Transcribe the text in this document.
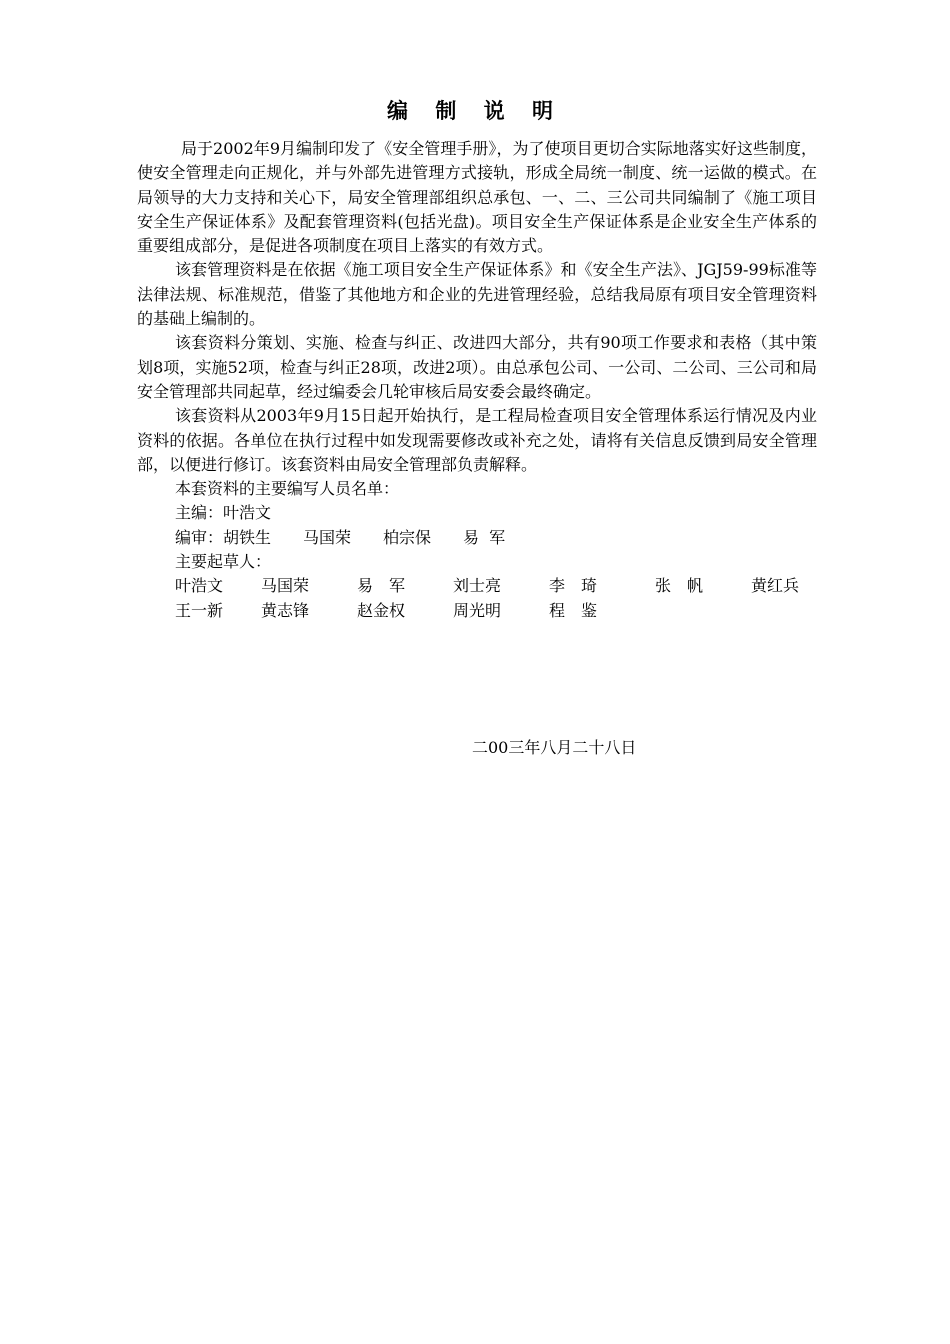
编 制 说 明

局于2002年9月编制印发了《安全管理手册》，为了使项目更切合实际地落实好这些制度，使安全管理走向正规化，并与外部先进管理方式接轨，形成全局统一制度、统一运做的模式。在局领导的大力支持和关心下，局安全管理部组织总承包、一、二、三公司共同编制了《施工项目安全生产保证体系》及配套管理资料(包括光盘)。项目安全生产保证体系是企业安全生产体系的重要组成部分，是促进各项制度在项目上落实的有效方式。

该套管理资料是在依据《施工项目安全生产保证体系》和《安全生产法》、JGJ59-99标准等法律法规、标准规范，借鉴了其他地方和企业的先进管理经验，总结我局原有项目安全管理资料的基础上编制的。

该套资料分策划、实施、检查与纠正、改进四大部分，共有90项工作要求和表格（其中策划8项，实施52项，检查与纠正28项，改进2项）。由总承包公司、一公司、二公司、三公司和局安全管理部共同起草，经过编委会几轮审核后局安委会最终确定。

该套资料从2003年9月15日起开始执行，是工程局检查项目安全管理体系运行情况及内业资料的依据。各单位在执行过程中如发现需要修改或补充之处，请将有关信息反馈到局安全管理部，以便进行修订。该套资料由局安全管理部负责解释。

本套资料的主要编写人员名单：

主编：叶浩文

编审：胡铁生　　马国荣　　柏宗保　　易  军

主要起草人：

叶浩文	马国荣	易　军	刘士亮	李　琦	张　帆	黄红兵
王一新	黄志锋	赵金权	周光明	程　鉴
二00三年八月二十八日
